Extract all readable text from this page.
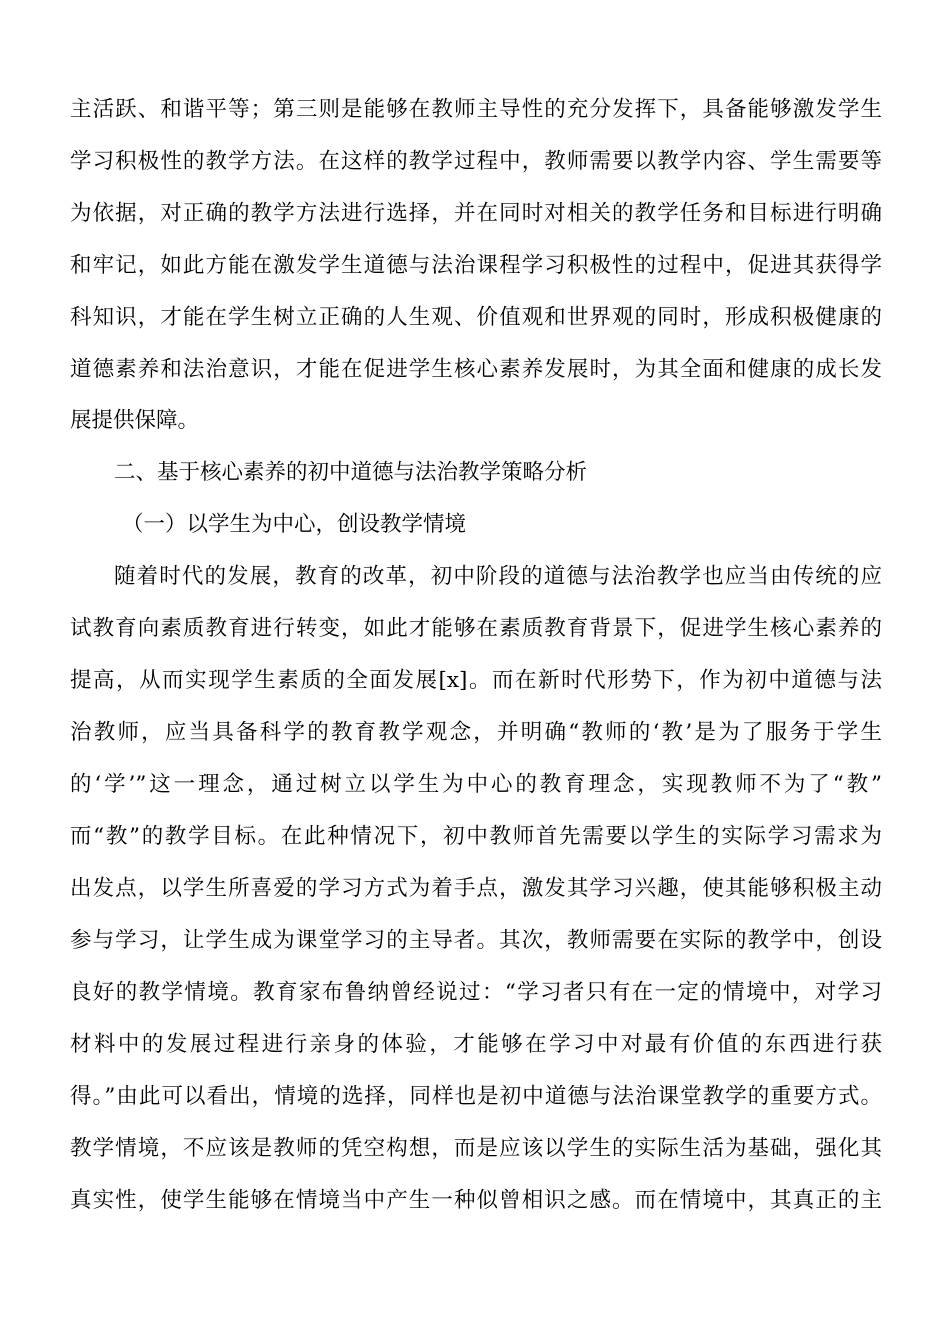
主活跃、和谐平等；第三则是能够在教师主导性的充分发挥下，具备能够激发学生
学习积极性的教学方法。在这样的教学过程中，教师需要以教学内容、学生需要等
为依据，对正确的教学方法进行选择，并在同时对相关的教学任务和目标进行明确
和牢记，如此方能在激发学生道德与法治课程学习积极性的过程中，促进其获得学
科知识，才能在学生树立正确的人生观、价值观和世界观的同时，形成积极健康的
道德素养和法治意识，才能在促进学生核心素养发展时，为其全面和健康的成长发
展提供保障。
二、基于核心素养的初中道德与法治教学策略分析
（一）以学生为中心，创设教学情境
随着时代的发展，教育的改革，初中阶段的道德与法治教学也应当由传统的应
试教育向素质教育进行转变，如此才能够在素质教育背景下，促进学生核心素养的
提高，从而实现学生素质的全面发展[x]。而在新时代形势下，作为初中道德与法
治教师，应当具备科学的教育教学观念，并明确“教师的‘教’是为了服务于学生
的‘学’”这一理念，通过树立以学生为中心的教育理念，实现教师不为了“教”
而“教”的教学目标。在此种情况下，初中教师首先需要以学生的实际学习需求为
出发点，以学生所喜爱的学习方式为着手点，激发其学习兴趣，使其能够积极主动
参与学习，让学生成为课堂学习的主导者。其次，教师需要在实际的教学中，创设
良好的教学情境。教育家布鲁纳曾经说过：“学习者只有在一定的情境中，对学习
材料中的发展过程进行亲身的体验，才能够在学习中对最有价值的东西进行获
得。”由此可以看出，情境的选择，同样也是初中道德与法治课堂教学的重要方式。
教学情境，不应该是教师的凭空构想，而是应该以学生的实际生活为基础，强化其
真实性，使学生能够在情境当中产生一种似曾相识之感。而在情境中，其真正的主
